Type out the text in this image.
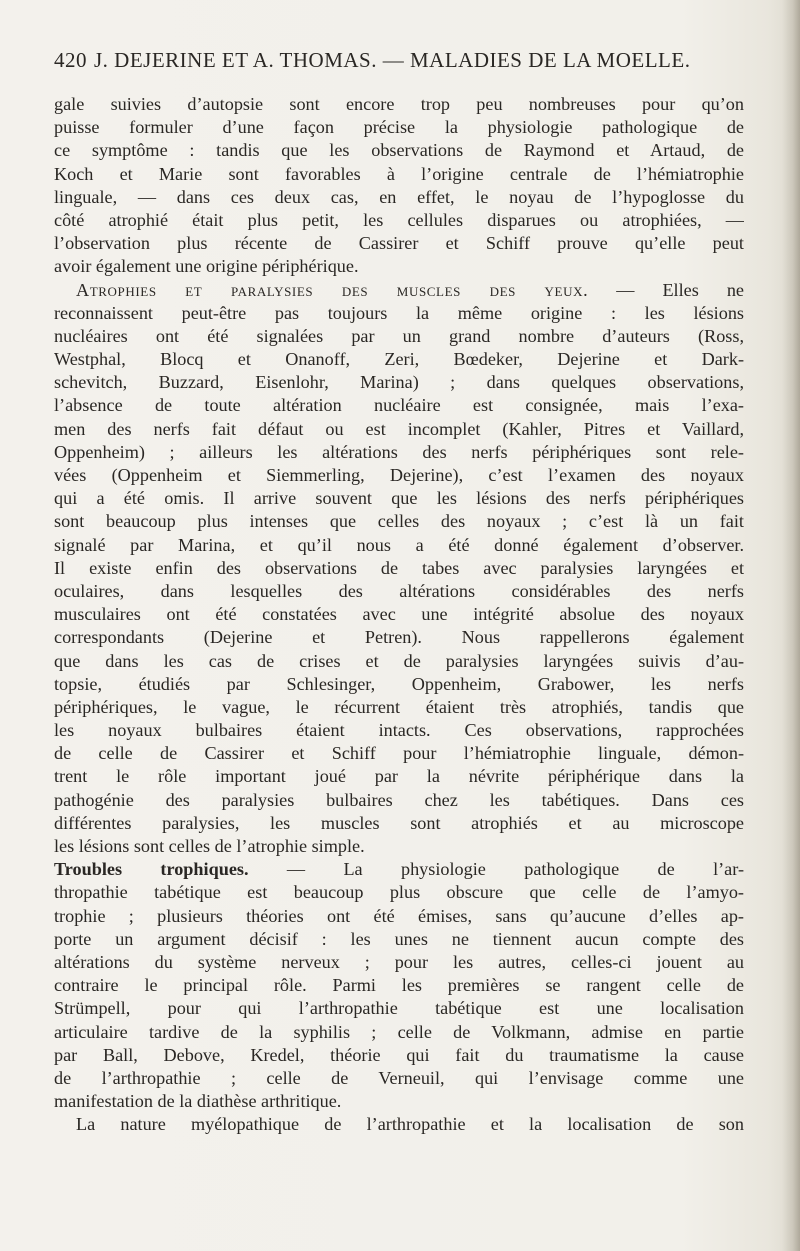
420 J. DEJERINE ET A. THOMAS. — MALADIES DE LA MOELLE.
gale suivies d’autopsie sont encore trop peu nombreuses pour qu’on
puisse formuler d’une façon précise la physiologie pathologique de
ce symptôme : tandis que les observations de Raymond et Artaud, de
Koch et Marie sont favorables à l’origine centrale de l’hémiatrophie
linguale, — dans ces deux cas, en effet, le noyau de l’hypoglosse du
côté atrophié était plus petit, les cellules disparues ou atrophiées, —
l’observation plus récente de Cassirer et Schiff prouve qu’elle peut
avoir également une origine périphérique.
Atrophies et paralysies des muscles des yeux. — Elles ne
reconnaissent peut-être pas toujours la même origine : les lésions
nucléaires ont été signalées par un grand nombre d’auteurs (Ross,
Westphal, Blocq et Onanoff, Zeri, Bœdeker, Dejerine et Dark-
schevitch, Buzzard, Eisenlohr, Marina) ; dans quelques observations,
l’absence de toute altération nucléaire est consignée, mais l’exa-
men des nerfs fait défaut ou est incomplet (Kahler, Pitres et Vaillard,
Oppenheim) ; ailleurs les altérations des nerfs périphériques sont rele-
vées (Oppenheim et Siemmerling, Dejerine), c’est l’examen des noyaux
qui a été omis. Il arrive souvent que les lésions des nerfs périphériques
sont beaucoup plus intenses que celles des noyaux ; c’est là un fait
signalé par Marina, et qu’il nous a été donné également d’observer.
Il existe enfin des observations de tabes avec paralysies laryngées et
oculaires, dans lesquelles des altérations considérables des nerfs
musculaires ont été constatées avec une intégrité absolue des noyaux
correspondants (Dejerine et Petren). Nous rappellerons également
que dans les cas de crises et de paralysies laryngées suivis d’au-
topsie, étudiés par Schlesinger, Oppenheim, Grabower, les nerfs
périphériques, le vague, le récurrent étaient très atrophiés, tandis que
les noyaux bulbaires étaient intacts. Ces observations, rapprochées
de celle de Cassirer et Schiff pour l’hémiatrophie linguale, démon-
trent le rôle important joué par la névrite périphérique dans la
pathogénie des paralysies bulbaires chez les tabétiques. Dans ces
différentes paralysies, les muscles sont atrophiés et au microscope
les lésions sont celles de l’atrophie simple.
Troubles trophiques. — La physiologie pathologique de l’ar-
thropathie tabétique est beaucoup plus obscure que celle de l’amyo-
trophie ; plusieurs théories ont été émises, sans qu’aucune d’elles ap-
porte un argument décisif : les unes ne tiennent aucun compte des
altérations du système nerveux ; pour les autres, celles-ci jouent au
contraire le principal rôle. Parmi les premières se rangent celle de
Strümpell, pour qui l’arthropathie tabétique est une localisation
articulaire tardive de la syphilis ; celle de Volkmann, admise en partie
par Ball, Debove, Kredel, théorie qui fait du traumatisme la cause
de l’arthropathie ; celle de Verneuil, qui l’envisage comme une
manifestation de la diathèse arthritique.
La nature myélopathique de l’arthropathie et la localisation de son
